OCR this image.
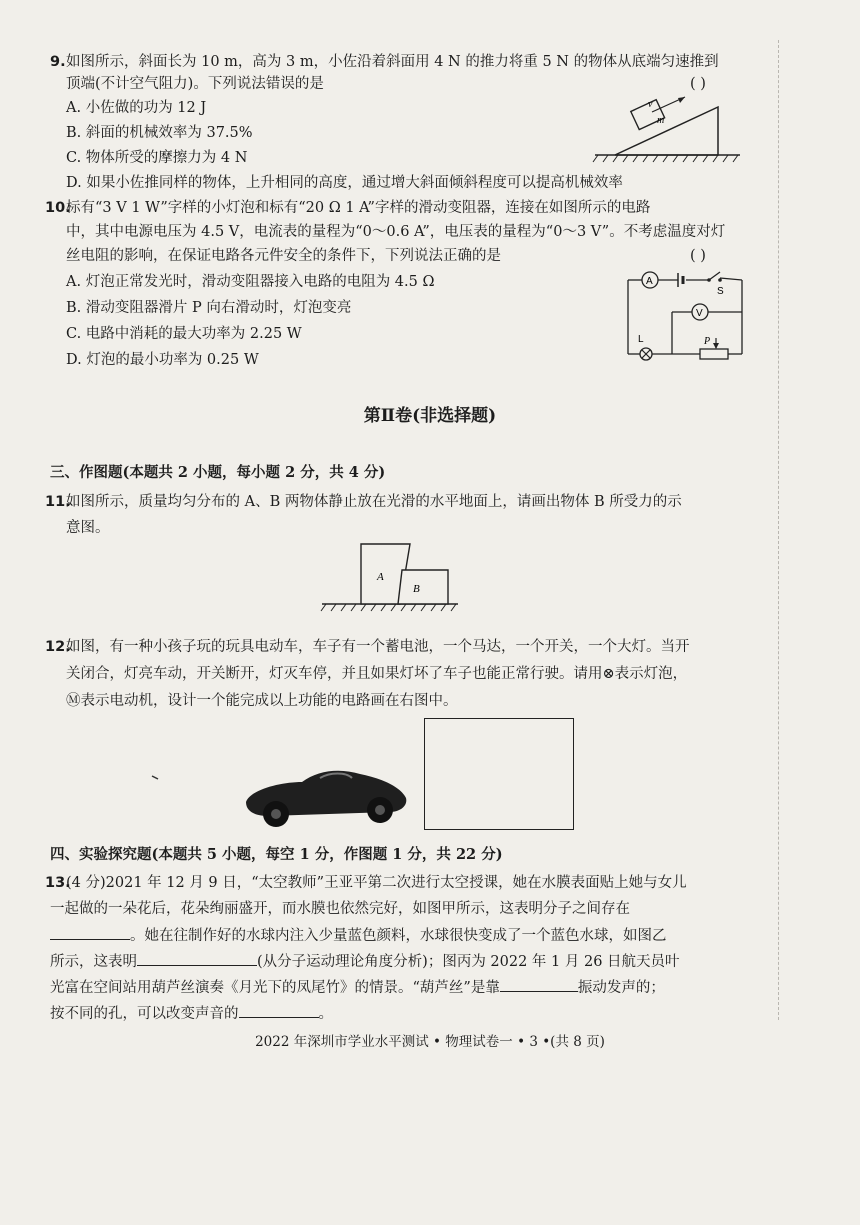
9. 如图所示，斜面长为 10 m，高为 3 m，小佐沿着斜面用 4 N 的推力将重 5 N 的物体从底端匀速推到
顶端(不计空气阻力)。下列说法错误的是	( )
A. 小佐做的功为 12 J
B. 斜面的机械效率为 37.5%
C. 物体所受的摩擦力为 4 N
D. 如果小佐推同样的物体，上升相同的高度，通过增大斜面倾斜程度可以提高机械效率
m
v
10.
标有“3 V 1 W”字样的小灯泡和标有“20 Ω 1 A”字样的滑动变阻器，连接在如图所示的电路
中，其中电源电压为 4.5 V，电流表的量程为“0～0.6 A”，电压表的量程为“0～3 V”。不考虑温度对灯
丝电阻的影响，在保证电路各元件安全的条件下，下列说法正确的是	( )
A. 灯泡正常发光时，滑动变阻器接入电路的电阻为 4.5 Ω
B. 滑动变阻器滑片 P 向右滑动时，灯泡变亮
C. 电路中消耗的最大功率为 2.25 W
D. 灯泡的最小功率为 0.25 W
A
S
V
L	P
第Ⅱ卷(非选择题)
三、作图题(本题共 2 小题，每小题 2 分，共 4 分)
11.
如图所示，质量均匀分布的 A、B 两物体静止放在光滑的水平地面上，请画出物体 B 所受力的示
意图。
A
B
12.
如图，有一种小孩子玩的玩具电动车，车子有一个蓄电池，一个马达，一个开关，一个大灯。当开
关闭合，灯亮车动，开关断开，灯灭车停，并且如果灯坏了车子也能正常行驶。请用⊗表示灯泡，
Ⓜ表示电动机，设计一个能完成以上功能的电路画在右图中。
四、实验探究题(本题共 5 小题，每空 1 分，作图题 1 分，共 22 分)
13.
(4 分)2021 年 12 月 9 日，“太空教师”王亚平第二次进行太空授课，她在水膜表面贴上她与女儿
一起做的一朵花后，花朵绚丽盛开，而水膜也依然完好，如图甲所示，这表明分子之间存在
。她在往制作好的水球内注入少量蓝色颜料，水球很快变成了一个蓝色水球，如图乙
所示，这表明	(从分子运动理论角度分析)；图丙为 2022 年 1 月 26 日航天员叶
光富在空间站用葫芦丝演奏《月光下的凤尾竹》的情景。“葫芦丝”是靠	振动发声的；
按不同的孔，可以改变声音的	。
2022 年深圳市学业水平测试 • 物理试卷一 • 3 •(共 8 页)
